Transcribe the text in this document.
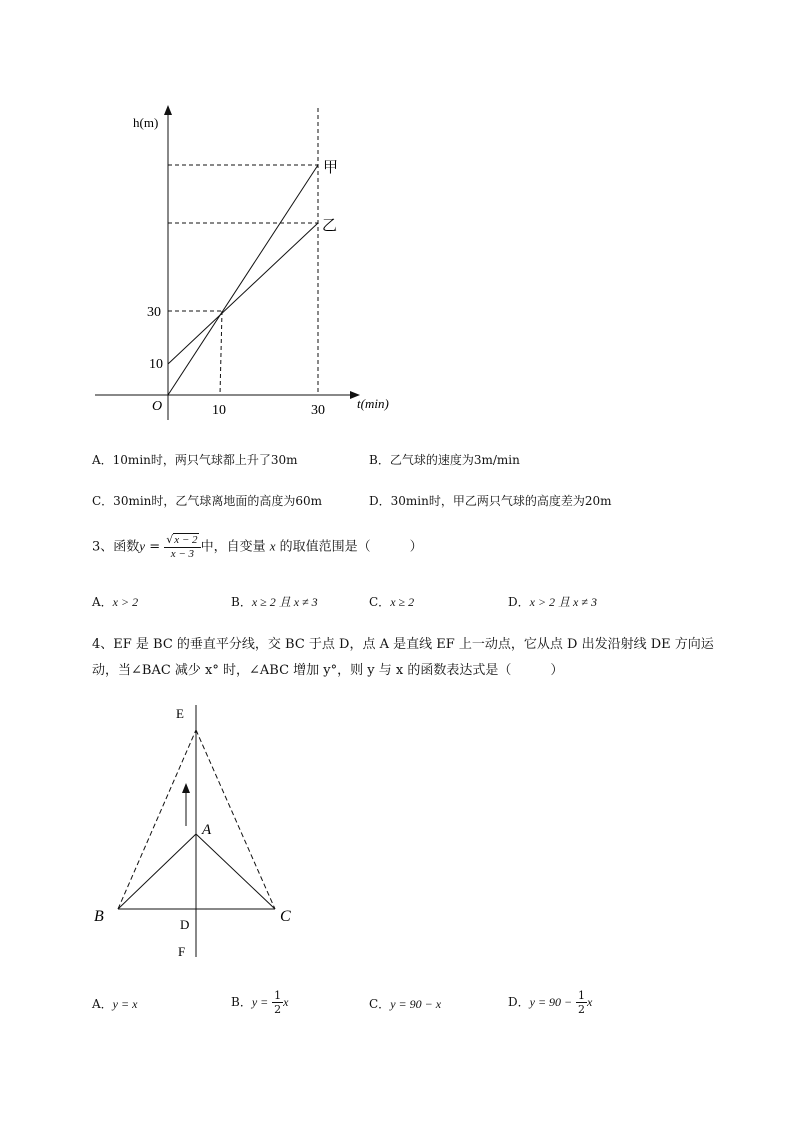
h(m)
t(min)
O
30
10
10	30
甲
乙
A．10min时，两只气球都上升了30m	B．乙气球的速度为3m/min
C．30min时，乙气球离地面的高度为60m	D．30min时，甲乙两只气球的高度差为20m
3、函数$y = \frac{√x - 2}{x - 3}$ 中，自变量 x 的取值范围是（　　　）
A．x > 2	B．x ≥ 2 且 x ≠ 3	C．x ≥ 2	D．x > 2 且 x ≠ 3
4、EF 是 BC 的垂直平分线，交 BC 于点 D，点 A 是直线 EF 上一动点，它从点 D 出发沿射线 DE 方向运
动，当∠BAC 减少 x° 时，∠ABC 增加 y°，则 y 与 x 的函数表达式是（　　　）
E
A
B	C
D
F
A．y = x	B．$y = \frac{1}{2}$ x	C．y = 90 − x	D．$y = 90 - \frac{1}{2}$ x
